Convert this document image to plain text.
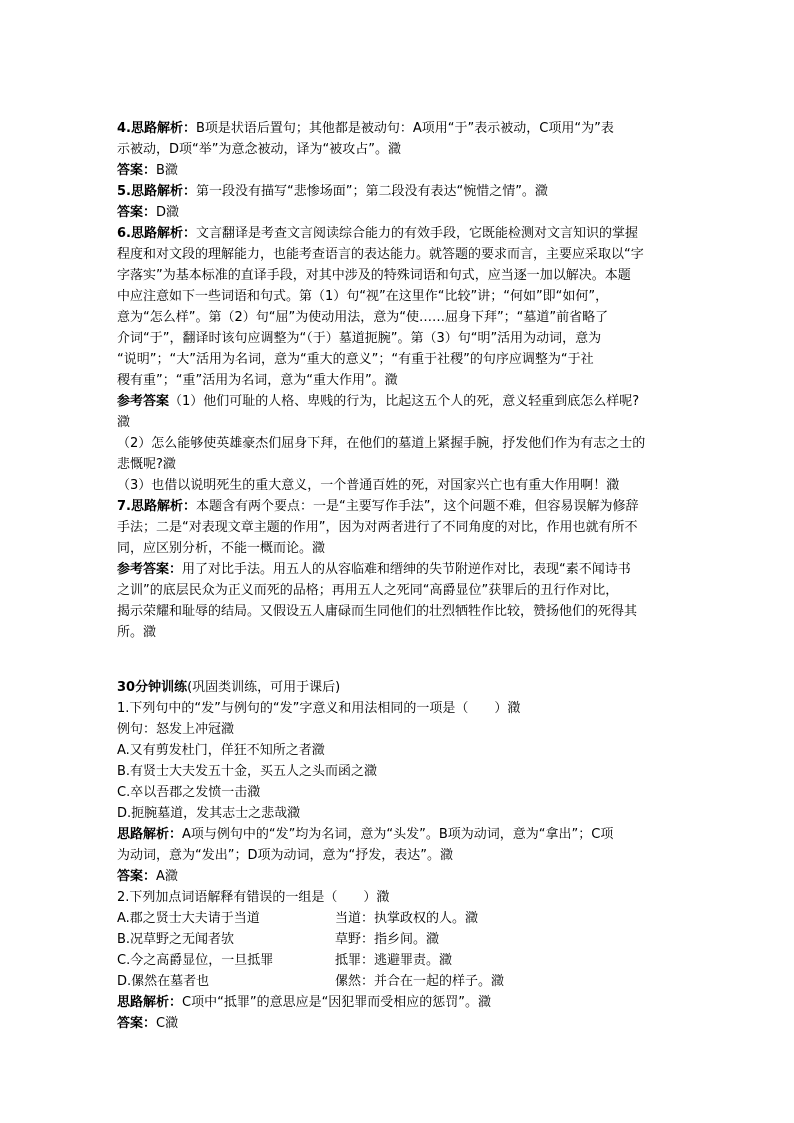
4.思路解析：B项是状语后置句；其他都是被动句：A项用“于”表示被动，C项用“为”表
示被动，D项“举”为意念被动，译为“被攻占”。瀓
答案：B瀓
5.思路解析：第一段没有描写“悲惨场面”；第二段没有表达“惋惜之情”。瀓
答案：D瀓
6.思路解析：文言翻译是考查文言阅读综合能力的有效手段，它既能检测对文言知识的掌握
程度和对文段的理解能力，也能考查语言的表达能力。就答题的要求而言，主要应采取以“字
字落实”为基本标准的直译手段，对其中涉及的特殊词语和句式，应当逐一加以解决。本题
中应注意如下一些词语和句式。第（1）句“视”在这里作“比较”讲；“何如”即“如何”，
意为“怎么样”。第（2）句“屈”为使动用法，意为“使……屈身下拜”；“墓道”前省略了
介词“于”，翻译时该句应调整为“（于）墓道扼腕”。第（3）句“明”活用为动词，意为
“说明”；“大”活用为名词，意为“重大的意义”；“有重于社稷”的句序应调整为“于社
稷有重”；“重”活用为名词，意为“重大作用”。瀓
参考答案（1）他们可耻的人格、卑贱的行为，比起这五个人的死，意义轻重到底怎么样呢?
瀓
（2）怎么能够使英雄豪杰们屈身下拜，在他们的墓道上紧握手腕，抒发他们作为有志之士的
悲慨呢?瀓
（3）也借以说明死生的重大意义，一个普通百姓的死，对国家兴亡也有重大作用啊！瀓
7.思路解析：本题含有两个要点：一是“主要写作手法”，这个问题不难，但容易误解为修辞
手法；二是“对表现文章主题的作用”，因为对两者进行了不同角度的对比，作用也就有所不
同，应区别分析，不能一概而论。瀓
参考答案：用了对比手法。用五人的从容临难和缙绅的失节附逆作对比，表现“素不闻诗书
之训”的底层民众为正义而死的品格；再用五人之死同“高爵显位”获罪后的丑行作对比，
揭示荣耀和耻辱的结局。又假设五人庸碌而生同他们的壮烈牺牲作比较，赞扬他们的死得其
所。瀓
30分钟训练(巩固类训练，可用于课后)
1.下列句中的“发”与例句的“发”字意义和用法相同的一项是（　　）瀓
例句：怒发上冲冠瀓
A.又有剪发杜门，佯狂不知所之者瀓
B.有贤士大夫发五十金，买五人之头而函之瀓
C.卒以吾郡之发愤一击瀓
D.扼腕墓道，发其志士之悲哉瀓
思路解析：A项与例句中的“发”均为名词，意为“头发”。B项为动词，意为“拿出”；C项
为动词，意为“发出”；D项为动词，意为“抒发，表达”。瀓
答案：A瀓
2.下列加点词语解释有错误的一组是（　　）瀓
A.郡之贤士大夫请于当道	当道：执掌政权的人。瀓
B.况草野之无闻者欤	草野：指乡间。瀓
C.今之高爵显位，一旦抵罪	抵罪：逃避罪责。瀓
D.傫然在墓者也	傫然：并合在一起的样子。瀓
思路解析：C项中“抵罪”的意思应是“因犯罪而受相应的惩罚”。瀓
答案：C瀓
